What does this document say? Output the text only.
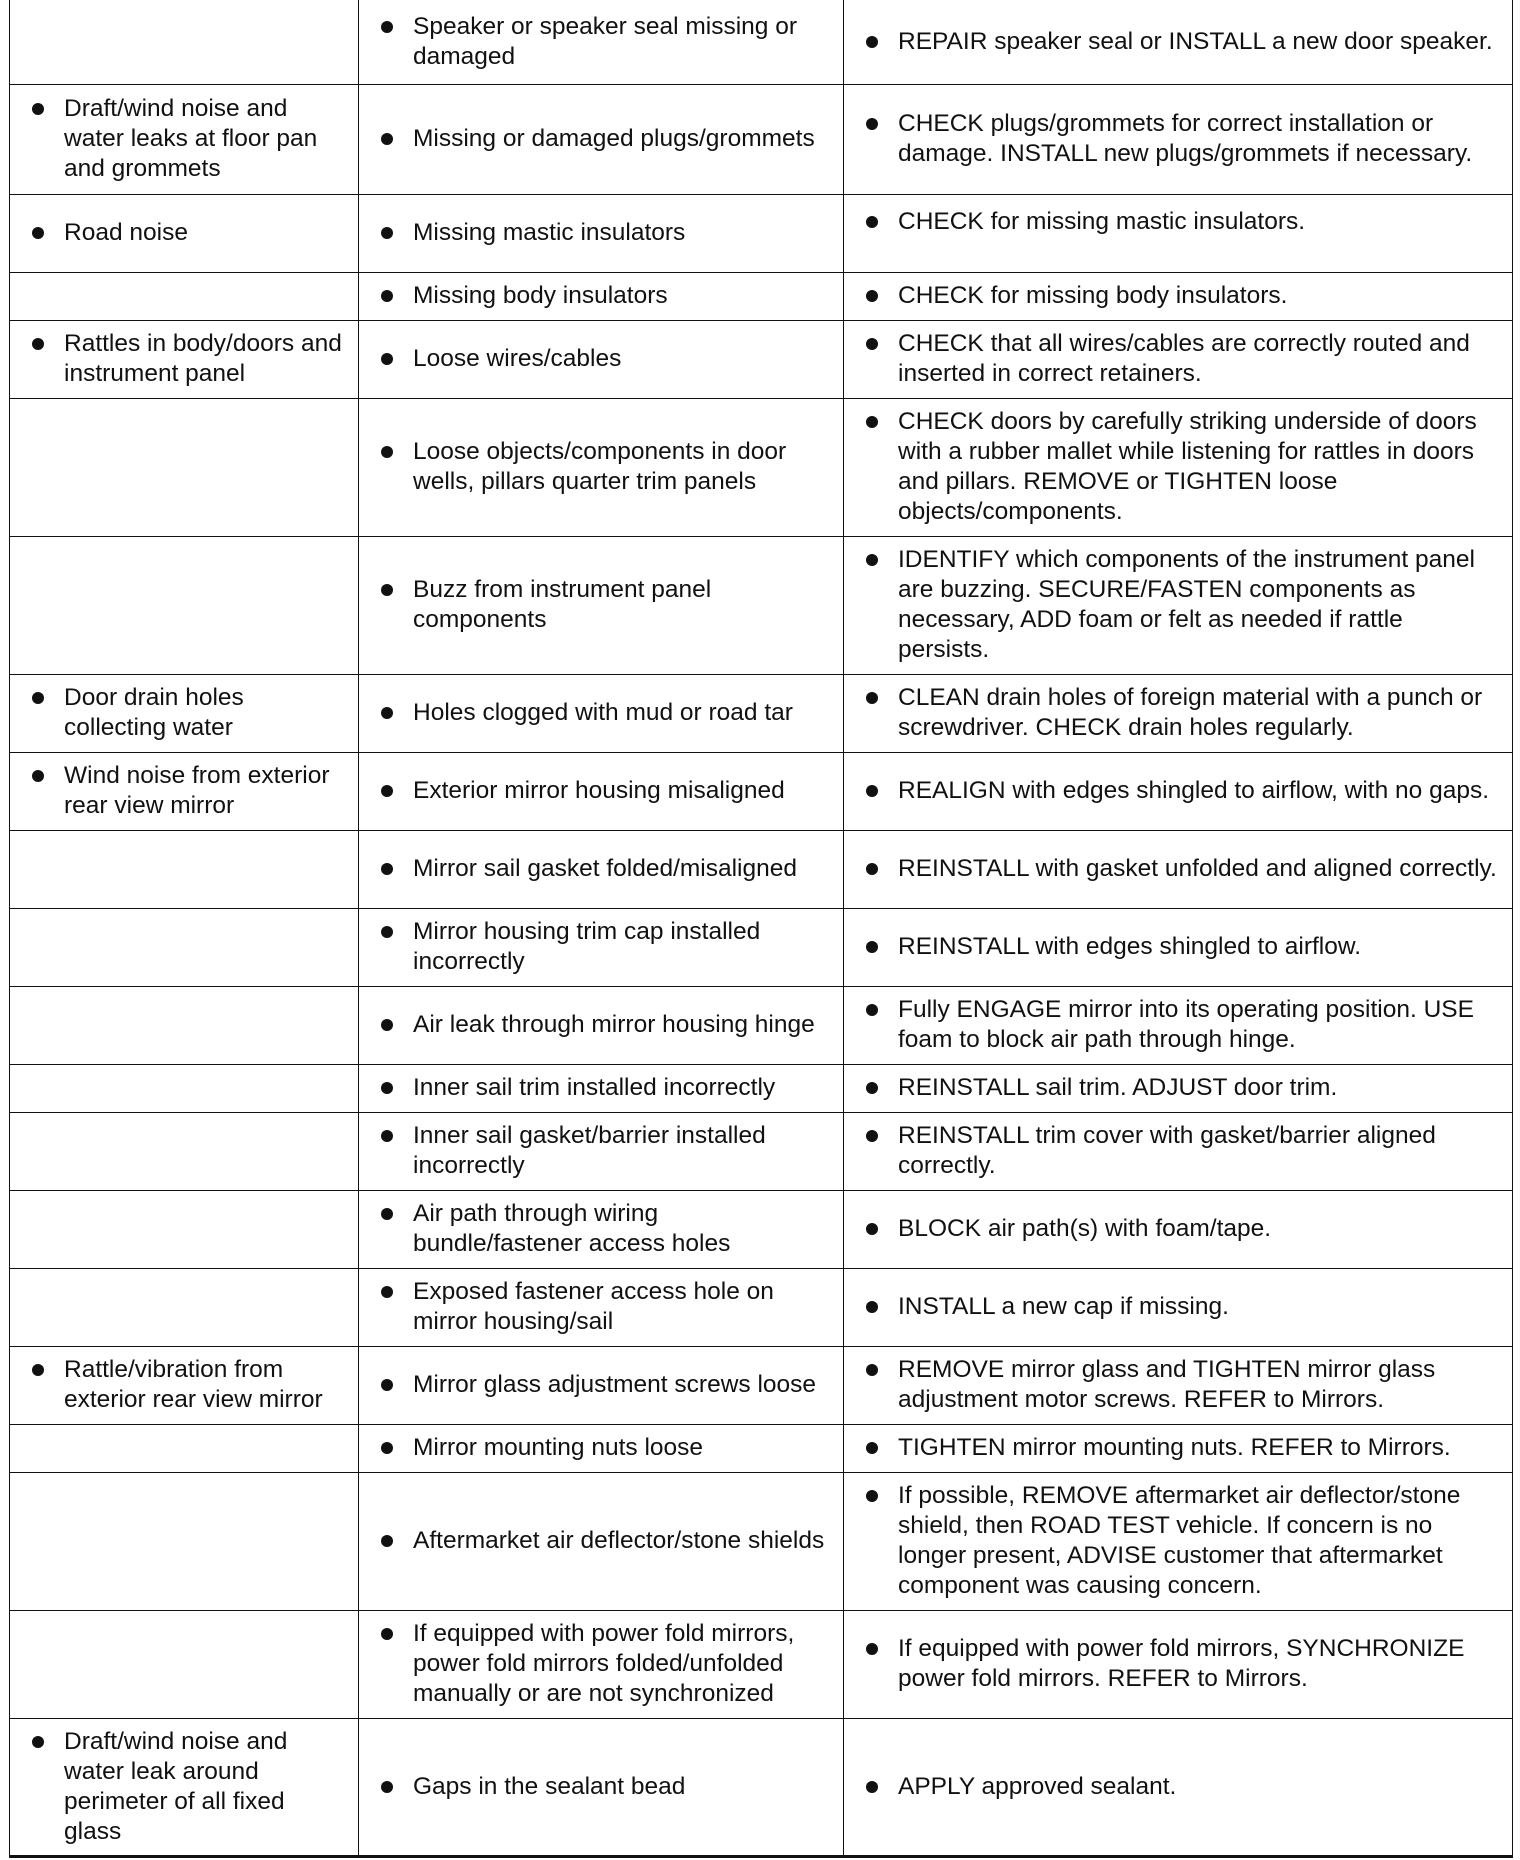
	Speaker or speaker seal missing or damaged	REPAIR speaker seal or INSTALL a new door speaker.

Draft/wind noise and water leaks at floor pan and grommets	Missing or damaged plugs/grommets	CHECK plugs/grommets for correct installation or damage. INSTALL new plugs/grommets if necessary.

Road noise	Missing mastic insulators	CHECK for missing mastic insulators.

	Missing body insulators	CHECK for missing body insulators.

Rattles in body/doors and instrument panel	Loose wires/cables	CHECK that all wires/cables are correctly routed and inserted in correct retainers.

	Loose objects/components in door wells, pillars quarter trim panels	CHECK doors by carefully striking underside of doors with a rubber mallet while listening for rattles in doors and pillars. REMOVE or TIGHTEN loose objects/components.

	Buzz from instrument panel components	IDENTIFY which components of the instrument panel are buzzing. SECURE/FASTEN components as necessary, ADD foam or felt as needed if rattle persists.

Door drain holes collecting water	Holes clogged with mud or road tar	CLEAN drain holes of foreign material with a punch or screwdriver. CHECK drain holes regularly.

Wind noise from exterior rear view mirror	Exterior mirror housing misaligned	REALIGN with edges shingled to airflow, with no gaps.

	Mirror sail gasket folded/misaligned	REINSTALL with gasket unfolded and aligned correctly.

	Mirror housing trim cap installed incorrectly	REINSTALL with edges shingled to airflow.

	Air leak through mirror housing hinge	Fully ENGAGE mirror into its operating position. USE foam to block air path through hinge.

	Inner sail trim installed incorrectly	REINSTALL sail trim. ADJUST door trim.

	Inner sail gasket/barrier installed incorrectly	REINSTALL trim cover with gasket/barrier aligned correctly.

	Air path through wiring bundle/fastener access holes	BLOCK air path(s) with foam/tape.

	Exposed fastener access hole on mirror housing/sail	INSTALL a new cap if missing.

Rattle/vibration from exterior rear view mirror	Mirror glass adjustment screws loose	REMOVE mirror glass and TIGHTEN mirror glass adjustment motor screws. REFER to Mirrors.

	Mirror mounting nuts loose	TIGHTEN mirror mounting nuts. REFER to Mirrors.

	Aftermarket air deflector/stone shields	If possible, REMOVE aftermarket air deflector/stone shield, then ROAD TEST vehicle. If concern is no longer present, ADVISE customer that aftermarket component was causing concern.

	If equipped with power fold mirrors, power fold mirrors folded/unfolded manually or are not synchronized	If equipped with power fold mirrors, SYNCHRONIZE power fold mirrors. REFER to Mirrors.

Draft/wind noise and water leak around perimeter of all fixed glass	Gaps in the sealant bead	APPLY approved sealant.
